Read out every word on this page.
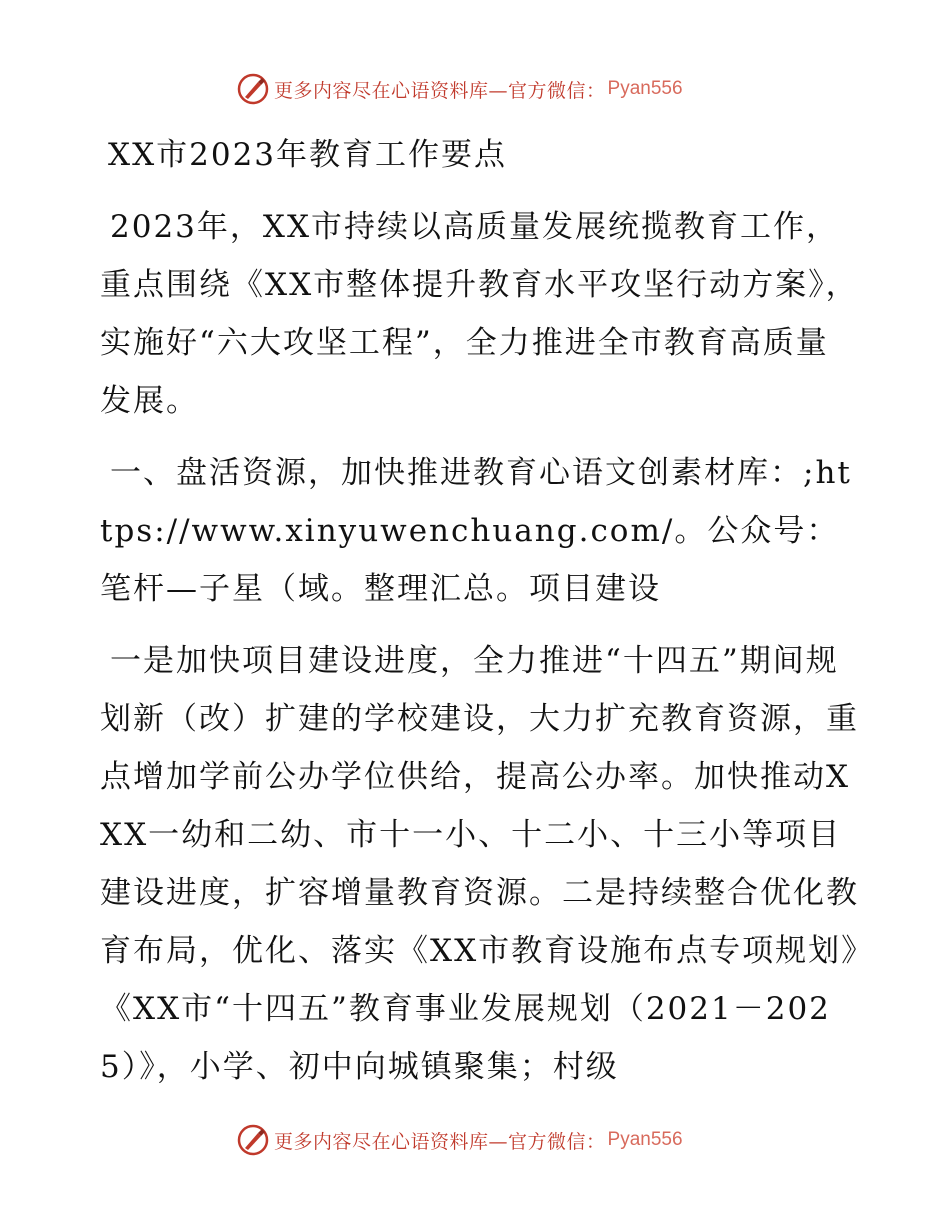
更多内容尽在心语资料库—官方微信： Pyan556
XX市2023年教育工作要点

2023年，XX市持续以高质量发展统揽教育工作，重点围绕《XX市整体提升教育水平攻坚行动方案》，实施好“六大攻坚工程”，全力推进全市教育高质量发展。

一、盘活资源，加快推进教育心语文创素材库：;https://www.xinyuwenchuang.com/。公众号：笔杆—子星（域。整理汇总。项目建设

一是加快项目建设进度，全力推进“十四五”期间规划新（改）扩建的学校建设，大力扩充教育资源，重点增加学前公办学位供给，提高公办率。加快推动XXX一幼和二幼、市十一小、十二小、十三小等项目建设进度，扩容增量教育资源。二是持续整合优化教育布局，优化、落实《XX市教育设施布点专项规划》《XX市“十四五”教育事业发展规划（2021－2025）》，小学、初中向城镇聚集；村级

更多内容尽在心语资料库—官方微信： Pyan556
